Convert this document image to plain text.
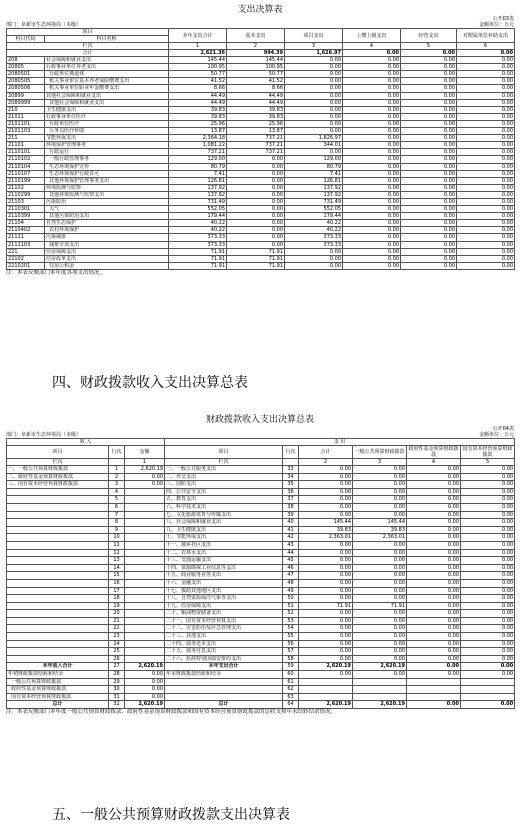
支出决算表
公开03表
部门：阜新市生态环境局（本级）	金额单位：万元
项目		本年支出合计	基本支出	项目支出	上缴上级支出	经营支出	对附属单位补助支出
科目代码	科目名称						

栏次		1	2	3	4	5	6
合计		2,621.36	994.39	1,626.97	0.00	0.00	0.00
208	社会保障和就业支出	145.44	145.44	0.00	0.00	0.00	0.00
20805	行政事业单位养老支出	100.95	100.95	0.00	0.00	0.00	0.00
2080501	行政单位离退休	50.77	50.77	0.00	0.00	0.00	0.00
2080505	机关事业单位基本养老保险缴费支出	41.52	41.52	0.00	0.00	0.00	0.00
2080506	机关事业单位职业年金缴费支出	8.66	8.66	0.00	0.00	0.00	0.00
20899	其他社会保障和就业支出	44.49	44.49	0.00	0.00	0.00	0.00
2089999	其他社会保障和就业支出	44.49	44.49	0.00	0.00	0.00	0.00
210	卫生健康支出	39.83	39.83	0.00	0.00	0.00	0.00
21011	行政事业单位医疗	39.83	39.83	0.00	0.00	0.00	0.00
2101101	行政单位医疗	25.96	25.96	0.00	0.00	0.00	0.00
2101103	公务员医疗补助	13.87	13.87	0.00	0.00	0.00	0.00
211	节能环保支出	2,364.18	737.21	1,626.97	0.00	0.00	0.00
21101	环境保护管理事务	1,081.22	737.21	344.01	0.00	0.00	0.00
2110101	行政运行	737.21	737.21	0.00	0.00	0.00	0.00
2110102	一般行政管理事务	129.00	0.00	129.00	0.00	0.00	0.00
2110104	生态环境保护宣传	80.79	0.00	80.79	0.00	0.00	0.00
2110107	生态环境保护行政许可	7.41	0.00	7.41	0.00	0.00	0.00
2110199	其他环境保护管理事务支出	126.81	0.00	126.81	0.00	0.00	0.00
21102	环境监测与监察	137.92	0.00	137.92	0.00	0.00	0.00
2110299	其他环境监测与监察支出	137.92	0.00	137.92	0.00	0.00	0.00
21103	污染防治	731.49	0.00	731.49	0.00	0.00	0.00
2110301	大气	552.05	0.00	552.05	0.00	0.00	0.00
2110399	其他污染防治支出	179.44	0.00	179.44	0.00	0.00	0.00
21104	自然生态保护	40.22	0.00	40.22	0.00	0.00	0.00
2110402	农村环境保护	40.22	0.00	40.22	0.00	0.00	0.00
21111	污染减排	373.33	0.00	373.33	0.00	0.00	0.00
2111103	减排专项支出	373.33	0.00	373.33	0.00	0.00	0.00
221	住房保障支出	71.91	71.91	0.00	0.00	0.00	0.00
22102	住房改革支出	71.91	71.91	0.00	0.00	0.00	0.00
2210201	住房公积金	71.91	71.91	0.00	0.00	0.00	0.00
注：本表反映部门本年度各项支出情况。
四、财政拨款收入支出决算总表
财政拨款收入支出决算总表
公开04表
部门：阜新市生态环境局（本级）	金额单位：万元
收 入			支 出					
项目	行次	金额	项目	行次	合计	一般公共预算财政拨款	政府性基金预算财政拨款	国有资本经营预算财政拨款

栏次		1	栏次		2	3	4	5
一、一般公共预算财政拨款	1	2,620.19	一、一般公共服务支出	33	0.00	0.00	0.00	0.00
二、政府性基金预算财政拨款	2	0.00	二、外交支出	34	0.00	0.00	0.00	0.00
三、国有资本经营预算财政拨款	3	0.00	三、国防支出	35	0.00	0.00	0.00	0.00
	4		四、公共安全支出	36	0.00	0.00	0.00	0.00
	5		五、教育支出	37	0.00	0.00	0.00	0.00
	6		六、科学技术支出	38	0.00	0.00	0.00	0.00
	7		七、文化旅游体育与传媒支出	39	0.00	0.00	0.00	0.00
	8		八、社会保障和就业支出	40	145.44	145.44	0.00	0.00
	9		九、卫生健康支出	41	39.83	39.83	0.00	0.00
	10		十、节能环保支出	42	2,363.01	2,363.01	0.00	0.00
	11		十一、城乡社区支出	43	0.00	0.00	0.00	0.00
	12		十二、农林水支出	44	0.00	0.00	0.00	0.00
	13		十三、交通运输支出	45	0.00	0.00	0.00	0.00
	14		十四、资源勘探工业信息等支出	46	0.00	0.00	0.00	0.00
	15		十五、商业服务业等支出	47	0.00	0.00	0.00	0.00
	16		十六、金融支出	48	0.00	0.00	0.00	0.00
	17		十七、援助其他地区支出	49	0.00	0.00	0.00	0.00
	18		十八、自然资源海洋气象等支出	50	0.00	0.00	0.00	0.00
	19		十九、住房保障支出	51	71.91	71.91	0.00	0.00
	20		二十、粮油物资储备支出	52	0.00	0.00	0.00	0.00
	21		二十一、国有资本经营预算支出	53	0.00	0.00	0.00	0.00
	22		二十二、灾害防治及应急管理支出	54	0.00	0.00	0.00	0.00
	23		二十三、其他支出	55	0.00	0.00	0.00	0.00
	24		二十四、债务还本支出	56	0.00	0.00	0.00	0.00
	25		二十五、债务付息支出	57	0.00	0.00	0.00	0.00
	26		二十六、抗疫特别国债安排的支出	58	0.00	0.00	0.00	0.00
本年收入合计	27	2,620.19	本年支出合计	59	2,620.19	2,620.19	0.00	0.00
年初财政拨款结转和结余	28	0.00	年末财政拨款结转和结余	60	0.00	0.00	0.00	0.00
一般公共预算财政拨款	29	0.00		61				
政府性基金预算财政拨款	30	0.00		62				
国有资本经营预算财政拨款	31	0.00		63				
总计	32	2,620.19	总计	64	2,620.19	2,620.19	0.00	0.00
注：本表反映部门本年度一般公共预算财政拨款、政府性基金预算财政拨款和国有资本经营预算财政拨款的总收支和年末结转结余情况。
五、一般公共预算财政拨款支出决算表
